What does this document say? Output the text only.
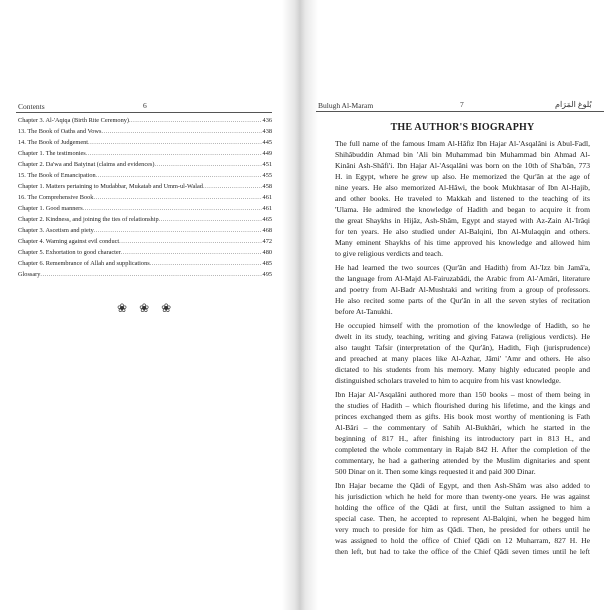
Contents	6
Chapter 3. Al-'Aqiqa (Birth Rite Ceremony) .....	436
13. The Book of Oaths and Vows .....	438
14. The Book of Judgement .....	445
Chapter 1. The testimonies .....	449
Chapter 2. Da'wa and Baiyinat (claims and evidences) .....	451
15. The Book of Emancipation .....	455
Chapter 1. Matters pertaining to Mudabbar, Mukatab and Umm-ul-Walad .....	458
16. The Comprehensive Book .....	461
Chapter 1. Good manners .....	461
Chapter 2. Kindness, and joining the ties of relationship .....	465
Chapter 3. Ascetism and piety .....	468
Chapter 4. Warning against evil conduct .....	472
Chapter 5. Exhortation to good character .....	480
Chapter 6. Remembrance of Allah and supplications .....	485
Glossary .....	495
❀ ❀ ❀
Bulugh Al-Maram	7	بُلوغ المَرَام
THE AUTHOR'S BIOGRAPHY
The full name of the famous Imam Al-Hâfiz Ibn Hajar Al-'Asqalâni is Abul-Fadl,
Shihâbuddin Ahmad bin 'Ali bin Muhammad bin Muhammad bin Ahmad Al-
Kinâni Ash-Shâfi'i. Ibn Hajar Al-'Asqalâni was born on the 10th of Sha'bân, 773
H. in Egypt, where he grew up also. He memorized the Qur'ân at the age of
nine years. He also memorized Al-Hâwi, the book Mukhtasar of Ibn Al-Hajib,
and other books. He traveled to Makkah and listened to the teaching of its
'Ulama. He admired the knowledge of Hadith and began to acquire it from
the great Shaykhs in Hijâz, Ash-Shâm, Egypt and stayed with Az-Zain Al-'Irâqi
for ten years. He also studied under Al-Balqini, Ibn Al-Mulaqqin and others.
Many eminent Shaykhs of his time approved his knowledge and allowed him
to give religious verdicts and teach.
He had learned the two sources (Qur'ân and Hadith) from Al-'Izz bin Jamâ'a,
the language from Al-Majd Al-Fairuzabâdi, the Arabic from Al-'Amâri, literature
and poetry from Al-Badr Al-Mushtaki and writing from a group of professors.
He also recited some parts of the Qur'ân in all the seven styles of recitation
before At-Tanukhi.
He occupied himself with the promotion of the knowledge of Hadith, so he
dwelt in its study, teaching, writing and giving Fatawa (religious verdicts). He
also taught Tafsir (interpretation of the Qur'ân), Hadith, Fiqh (jurisprudence)
and preached at many places like Al-Azhar, Jâmi' 'Amr and others. He also
dictated to his students from his memory. Many highly educated people and
distinguished scholars traveled to him to acquire from his vast knowledge.
Ibn Hajar Al-'Asqalâni authored more than 150 books – most of them being in
the studies of Hadith – which flourished during his lifetime, and the kings and
princes exchanged them as gifts. His book most worthy of mentioning is Fath
Al-Bâri – the commentary of Sahih Al-Bukhâri, which he started in the
beginning of 817 H., after finishing its introductory part in 813 H., and
completed the whole commentary in Rajab 842 H. After the completion of the
commentary, he had a gathering attended by the Muslim dignitaries and spent
500 Dinar on it. Then some kings requested it and paid 300 Dinar.
Ibn Hajar became the Qâdi of Egypt, and then Ash-Shâm was also added to
his jurisdiction which he held for more than twenty-one years. He was against
holding the office of the Qâdi at first, until the Sultan assigned to him a
special case. Then, he accepted to represent Al-Balqini, when he begged him
very much to preside for him as Qâdi. Then, he presided for others until he
was assigned to hold the office of Chief Qâdi on 12 Muharram, 827 H. He
then left, but had to take the office of the Chief Qâdi seven times until he left
